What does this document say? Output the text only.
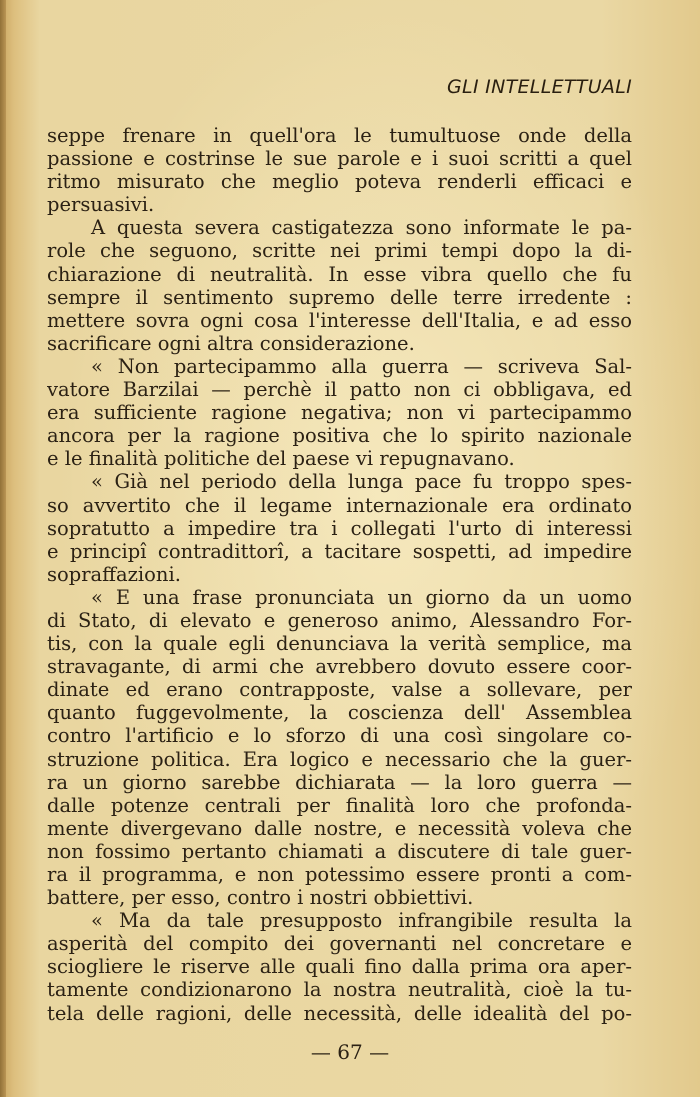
GLI INTELLETTUALI

seppe frenare in quell'ora le tumultuose onde della
passione e costrinse le sue parole e i suoi scritti a quel
ritmo misurato che meglio poteva renderli efficaci e
persuasivi.

A questa severa castigatezza sono informate le pa-
role che seguono, scritte nei primi tempi dopo la di-
chiarazione di neutralità. In esse vibra quello che fu
sempre il sentimento supremo delle terre irredente :
mettere sovra ogni cosa l'interesse dell'Italia, e ad esso
sacrificare ogni altra considerazione.

« Non partecipammo alla guerra — scriveva Sal-
vatore Barzilai — perchè il patto non ci obbligava, ed
era sufficiente ragione negativa; non vi partecipammo
ancora per la ragione positiva che lo spirito nazionale
e le finalità politiche del paese vi repugnavano.

« Già nel periodo della lunga pace fu troppo spes-
so avvertito che il legame internazionale era ordinato
sopratutto a impedire tra i collegati l'urto di interessi
e principî contradittorî, a tacitare sospetti, ad impedire
sopraffazioni.

« E una frase pronunciata un giorno da un uomo
di Stato, di elevato e generoso animo, Alessandro For-
tis, con la quale egli denunciava la verità semplice, ma
stravagante, di armi che avrebbero dovuto essere coor-
dinate ed erano contrapposte, valse a sollevare, per
quanto fuggevolmente, la coscienza dell' Assemblea
contro l'artificio e lo sforzo di una così singolare co-
struzione politica. Era logico e necessario che la guer-
ra un giorno sarebbe dichiarata — la loro guerra —
dalle potenze centrali per finalità loro che profonda-
mente divergevano dalle nostre, e necessità voleva che
non fossimo pertanto chiamati a discutere di tale guer-
ra il programma, e non potessimo essere pronti a com-
battere, per esso, contro i nostri obbiettivi.

« Ma da tale presupposto infrangibile resulta la
asperità del compito dei governanti nel concretare e
sciogliere le riserve alle quali fino dalla prima ora aper-
tamente condizionarono la nostra neutralità, cioè la tu-
tela delle ragioni, delle necessità, delle idealità del po-

— 67 —
